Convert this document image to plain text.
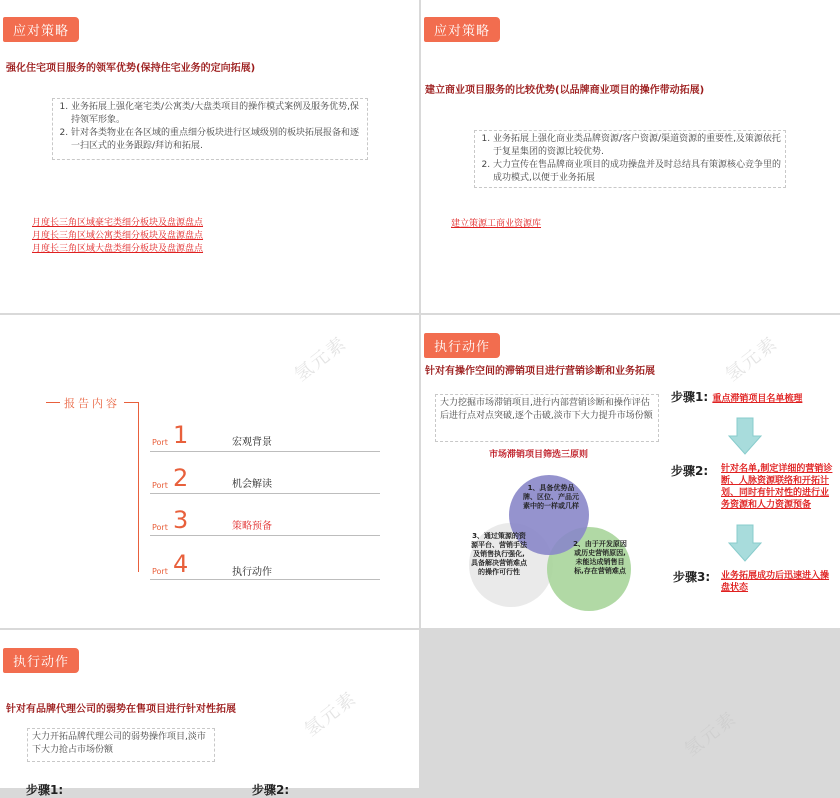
应对策略
强化住宅项目服务的领军优势(保持住宅业务的定向拓展)
1. 业务拓展上强化毫宅类/公寓类/大盘类项目的操作模式案例及服务优势,保持领军形象。
2. 针对各类物业在各区域的重点细分板块进行区域级别的板块拓展报备和逐一扫区式的业务跟踪/拜访和拓展.
月度长三角区域豪宅类细分板块及盘源盘点
月度长三角区域公寓类细分板块及盘源盘点
月度长三角区域大盘类细分板块及盘源盘点
应对策略
建立商业项目服务的比较优势(以品牌商业项目的操作带动拓展)
1. 业务拓展上强化商业类品牌资源/客户资源/渠道资源的重要性,及策源依托于复星集团的资源比较优势.
2. 大力宣传在售品牌商业项目的成功操盘并及时总结具有策源核心竞争里的成功模式,以便于业务拓展
建立策源工商业资源库
氢元素
报告内容
Port 1	宏观背景
Port 2	机会解读
Port 3	策略预备
Port 4	执行动作
氢元素
执行动作
针对有操作空间的滞销项目进行营销诊断和业务拓展
大力挖掘市场滞销项目,进行内部营销诊断和操作评估后进行点对点突破,逐个击破,淡市下大力提升市场份额
市场滞销项目筛选三原则
1、具备优势品牌、区位、产品元素中的一样或几样
2、由于开发原因或历史营销原因,未能达成销售目标,存在营销难点
3、通过策源的资源平台、营销手法及销售执行强化,具备解决营销难点的操作可行性
步骤1: 重点滞销项目名单梳理
步骤2: 针对名单,制定详细的营销诊断、人脉资源联络和开拓计划、同时有针对性的进行业务资源和人力资源预备
步骤3: 业务拓展成功后迅速进入操盘状态
氢元素
执行动作
针对有品牌代理公司的弱势在售项目进行针对性拓展
大力开拓品牌代理公司的弱势操作项目,淡市下大力抢占市场份额
步骤1:	步骤2:
氢元素
